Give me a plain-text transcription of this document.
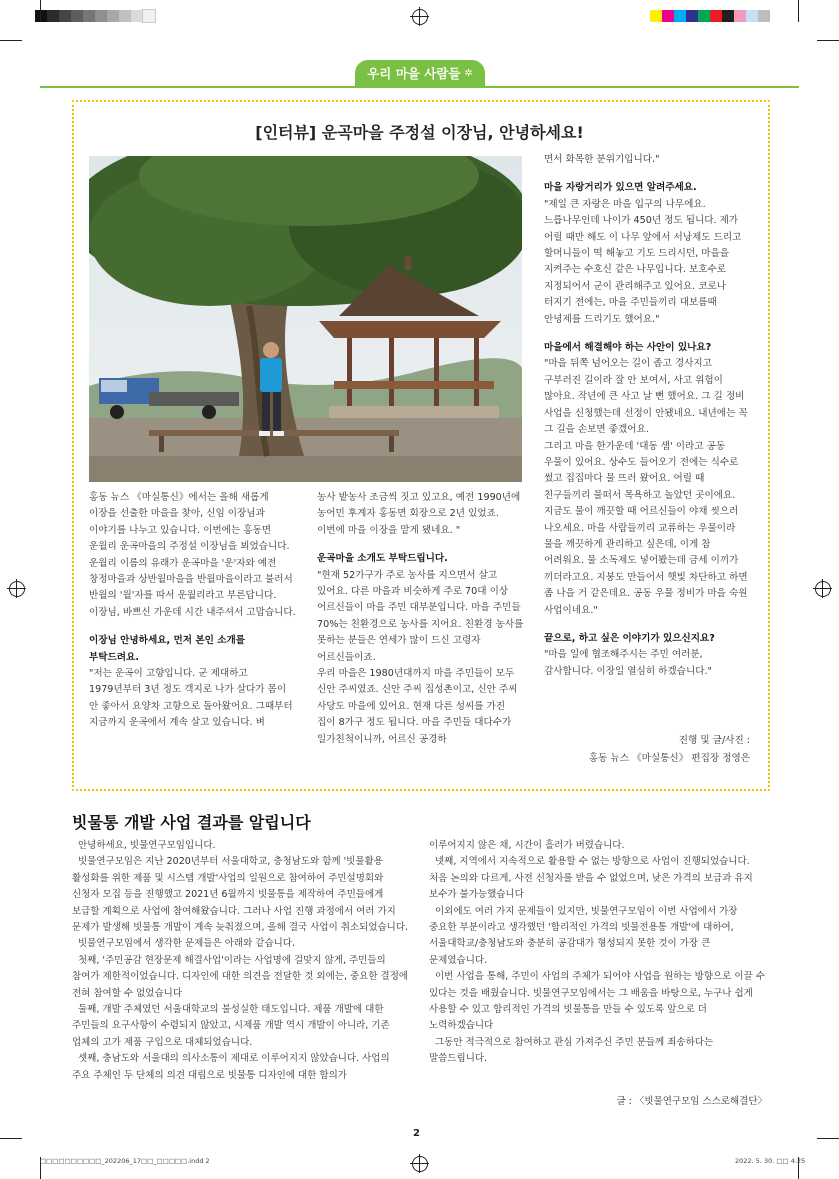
우리 마을 사람들 ✲
[인터뷰] 운곡마을 주정설 이장님, 안녕하세요!

홍동 뉴스 《마실통신》에서는 올해 새롭게 이장을 선출한 마을을 찾아, 신임 이장님과 이야기를 나누고 있습니다. 이번에는 홍동면 운월리 운곡마을의 주정설 이장님을 뵈었습니다. 운월리 이름의 유래가 운곡마을 '운'자와 예전 창정마을과 상반월마을을 반월마을이라고 불러서 반월의 '월'자를 따서 운월리라고 부른답니다. 이장님, 바쁘신 가운데 시간 내주셔서 고맙습니다.

이장님 안녕하세요, 먼저 본인 소개를 부탁드려요.

"저는 운곡이 고향입니다. 군 제대하고 1979년부터 3년 정도 객지로 나가 살다가 몸이 안 좋아서 요양차 고향으로 돌아왔어요. 그때부터 지금까지 운곡에서 계속 살고 있습니다. 벼

농사 밭농사 조금씩 짓고 있고요, 예전 1990년에 농어민 후계자 홍동면 회장으로 2년 있었죠. 이번에 마을 이장을 맡게 됐네요. "

운곡마을 소개도 부탁드립니다.

"현재 52가구가 주로 농사를 지으면서 살고 있어요. 다른 마을과 비슷하게 주로 70대 이상 어르신들이 마을 주민 대부분입니다. 마을 주민들 70%는 친환경으로 농사를 지어요. 친환경 농사를 못하는 분들은 연세가 많이 드신 고령자 어르신들이죠.

우리 마을은 1980년대까지 마을 주민들이 모두 신안 주씨였죠. 신안 주씨 집성촌이고, 신안 주씨 사당도 마을에 있어요. 현재 다른 성씨를 가진 집이 8가구 정도 됩니다. 마을 주민들 대다수가 일가친척이니까, 어르신 공경하

면서 화목한 분위기입니다."

마을 자랑거리가 있으면 알려주세요.

"제일 큰 자랑은 마을 입구의 나무에요. 느릅나무인데 나이가 450년 정도 됩니다. 제가 어릴 때만 해도 이 나무 앞에서 서낭제도 드리고 할머니들이 떡 해놓고 기도 드리시던, 마을을 지켜주는 수호신 같은 나무입니다. 보호수로 지정되어서 군이 관리해주고 있어요. 코로나 터지기 전에는, 마을 주민들끼리 대보름때 안녕제를 드리기도 했어요."

마을에서 해결해야 하는 사안이 있나요?

"마을 뒤쪽 넘어오는 길이 좁고 경사지고 구부러진 길이라 잘 안 보여서, 사고 위험이 많아요. 작년에 큰 사고 날 뻔 했어요. 그 길 정비 사업을 신청했는데 선정이 안됐네요. 내년에는 꼭 그 길을 손보면 좋겠어요.

그리고 마을 한가운데 '대동 샘' 이라고 공동 우물이 있어요. 상수도 들어오기 전에는 식수로 썼고 집집마다 물 뜨러 왔어요. 어릴 때 친구들끼리 물떠서 목욕하고 놀았던 곳이에요. 지금도 물이 깨끗할 때 어르신들이 야채 씻으러 나오세요. 마을 사람들끼리 교류하는 우물이라 물을 깨끗하게 관리하고 싶은데, 이게 참 어려워요. 물 소독제도 넣어봤는데 금세 이끼가 끼더라고요. 지붕도 만들어서 햇빛 차단하고 하면 좀 나을 거 같은데요. 공동 우물 정비가 마을 숙원 사업이네요."

끝으로, 하고 싶은 이야기가 있으신지요?

"마을 일에 협조해주시는 주민 여러분, 감사합니다. 이장일 열심히 하겠습니다."

진행 및 글/사진 :
홍동 뉴스 《마실통신》 편집장 정영은
빗물통 개발 사업 결과를 알립니다

안녕하세요, 빗물연구모임입니다.

빗물연구모임은 지난 2020년부터 서울대학교, 충청남도와 함께 '빗물활용 활성화를 위한 제품 및 시스템 개발'사업의 일원으로 참여하여 주민설명회와 신청자 모집 등을 진행했고 2021년 6월까지 빗물통을 제작하여 주민들에게 보급할 계획으로 사업에 참여해왔습니다. 그러나 사업 진행 과정에서 여러 가지 문제가 발생해 빗물통 개발이 계속 늦춰졌으며, 올해 결국 사업이 취소되었습니다.

빗물연구모임에서 생각한 문제들은 아래와 같습니다.

첫째, '주민공감 현장문제 해결사업'이라는 사업명에 걸맞지 않게, 주민들의 참여가 제한적이었습니다. 디자인에 대한 의견을 전달한 것 외에는, 중요한 결정에 전혀 참여할 수 없었습니다

둘째, 개발 주체였던 서울대학교의 불성실한 태도입니다. 제품 개발에 대한 주민들의 요구사항이 수렴되지 않았고, 시제품 개발 역시 개발이 아니라, 기존 업체의 고가 제품 구입으로 대체되었습니다.

셋째, 충남도와 서울대의 의사소통이 제대로 이루어지지 않았습니다. 사업의 주요 주체인 두 단체의 의견 대립으로 빗물통 디자인에 대한 합의가

이루어지지 않은 채, 시간이 흘러가 버렸습니다.

넷째, 지역에서 지속적으로 활용할 수 없는 방향으로 사업이 진행되었습니다. 처음 논의와 다르게, 사전 신청자를 받을 수 없었으며, 낮은 가격의 보급과 유지 보수가 불가능했습니다

이외에도 여러 가지 문제들이 있지만, 빗물연구모임이 이번 사업에서 가장 중요한 부분이라고 생각했던 '합리적인 가격의 빗물전용통 개발'에 대하여, 서울대학교/충청남도와 충분히 공감대가 형성되지 못한 것이 가장 큰 문제였습니다.

이번 사업을 통해, 주민이 사업의 주체가 되어야 사업을 원하는 방향으로 이끌 수 있다는 것을 배웠습니다. 빗물연구모임에서는 그 배움을 바탕으로, 누구나 쉽게 사용할 수 있고 합리적인 가격의 빗물통을 만들 수 있도록 앞으로 더 노력하겠습니다

그동안 적극적으로 참여하고 관심 가져주신 주민 분들께 죄송하다는 말씀드립니다.

글 : 〈빗물연구모임 스스로해결단〉
2
□□□□□□□□□□_202206_17□□_□□□□□.indd 2	2022. 5. 30. □□ 4:25
